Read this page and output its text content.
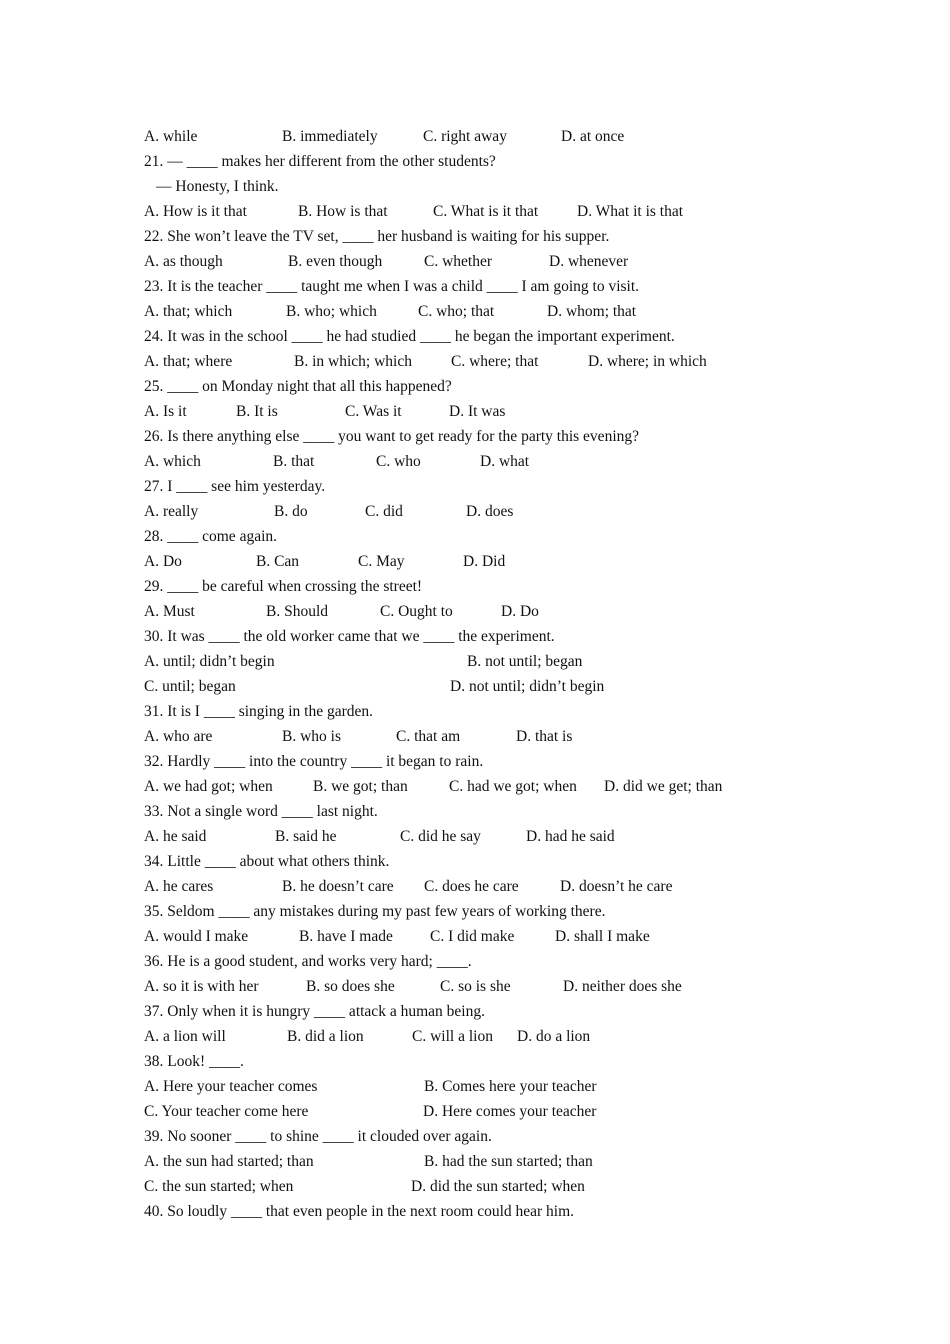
A. while	B. immediately	C. right away	D. at once
21. — ____ makes her different from the other students?
— Honesty, I think.
A. How is it that	B. How is that	C. What is it that	D. What it is that
22. She won’t leave the TV set, ____ her husband is waiting for his supper.
A. as though	B. even though	C. whether	D. whenever
23. It is the teacher ____ taught me when I was a child ____ I am going to visit.
A. that; which	B. who; which	C. who; that	D. whom; that
24. It was in the school ____ he had studied ____ he began the important experiment.
A. that; where	B. in which; which	C. where; that	D. where; in which
25. ____ on Monday night that all this happened?
A. Is it	B. It is	C. Was it	D. It was
26. Is there anything else ____ you want to get ready for the party this evening?
A. which	B. that	C. who	D. what
27. I ____ see him yesterday.
A. really	B. do	C. did	D. does
28. ____ come again.
A. Do	B. Can	C. May	D. Did
29. ____ be careful when crossing the street!
A. Must	B. Should	C. Ought to	D. Do
30. It was ____ the old worker came that we ____ the experiment.
A. until; didn’t begin	B. not until; began
C. until; began	D. not until; didn’t begin
31. It is I ____ singing in the garden.
A. who are	B. who is	C. that am	D. that is
32. Hardly ____ into the country ____ it began to rain.
A. we had got; when	B. we got; than	C. had we got; when D. did we get; than
33. Not a single word ____ last night.
A. he said	B. said he	C. did he say	D. had he said
34. Little ____ about what others think.
A. he cares	B. he doesn’t care C. does he care	D. doesn’t he care
35. Seldom ____ any mistakes during my past few years of working there.
A. would I make	B. have I made C. I did make	D. shall I make
36. He is a good student, and works very hard; ____.
A. so it is with her	B. so does she	C. so is she	D. neither does she
37. Only when it is hungry ____ attack a human being.
A. a lion will	B. did a lion	C. will a lion D. do a lion
38. Look! ____.
A. Here your teacher comes	B. Comes here your teacher
C. Your teacher come here	D. Here comes your teacher
39. No sooner ____ to shine ____ it clouded over again.
A. the sun had started; than	B. had the sun started; than
C. the sun started; when	D. did the sun started; when
40. So loudly ____ that even people in the next room could hear him.
